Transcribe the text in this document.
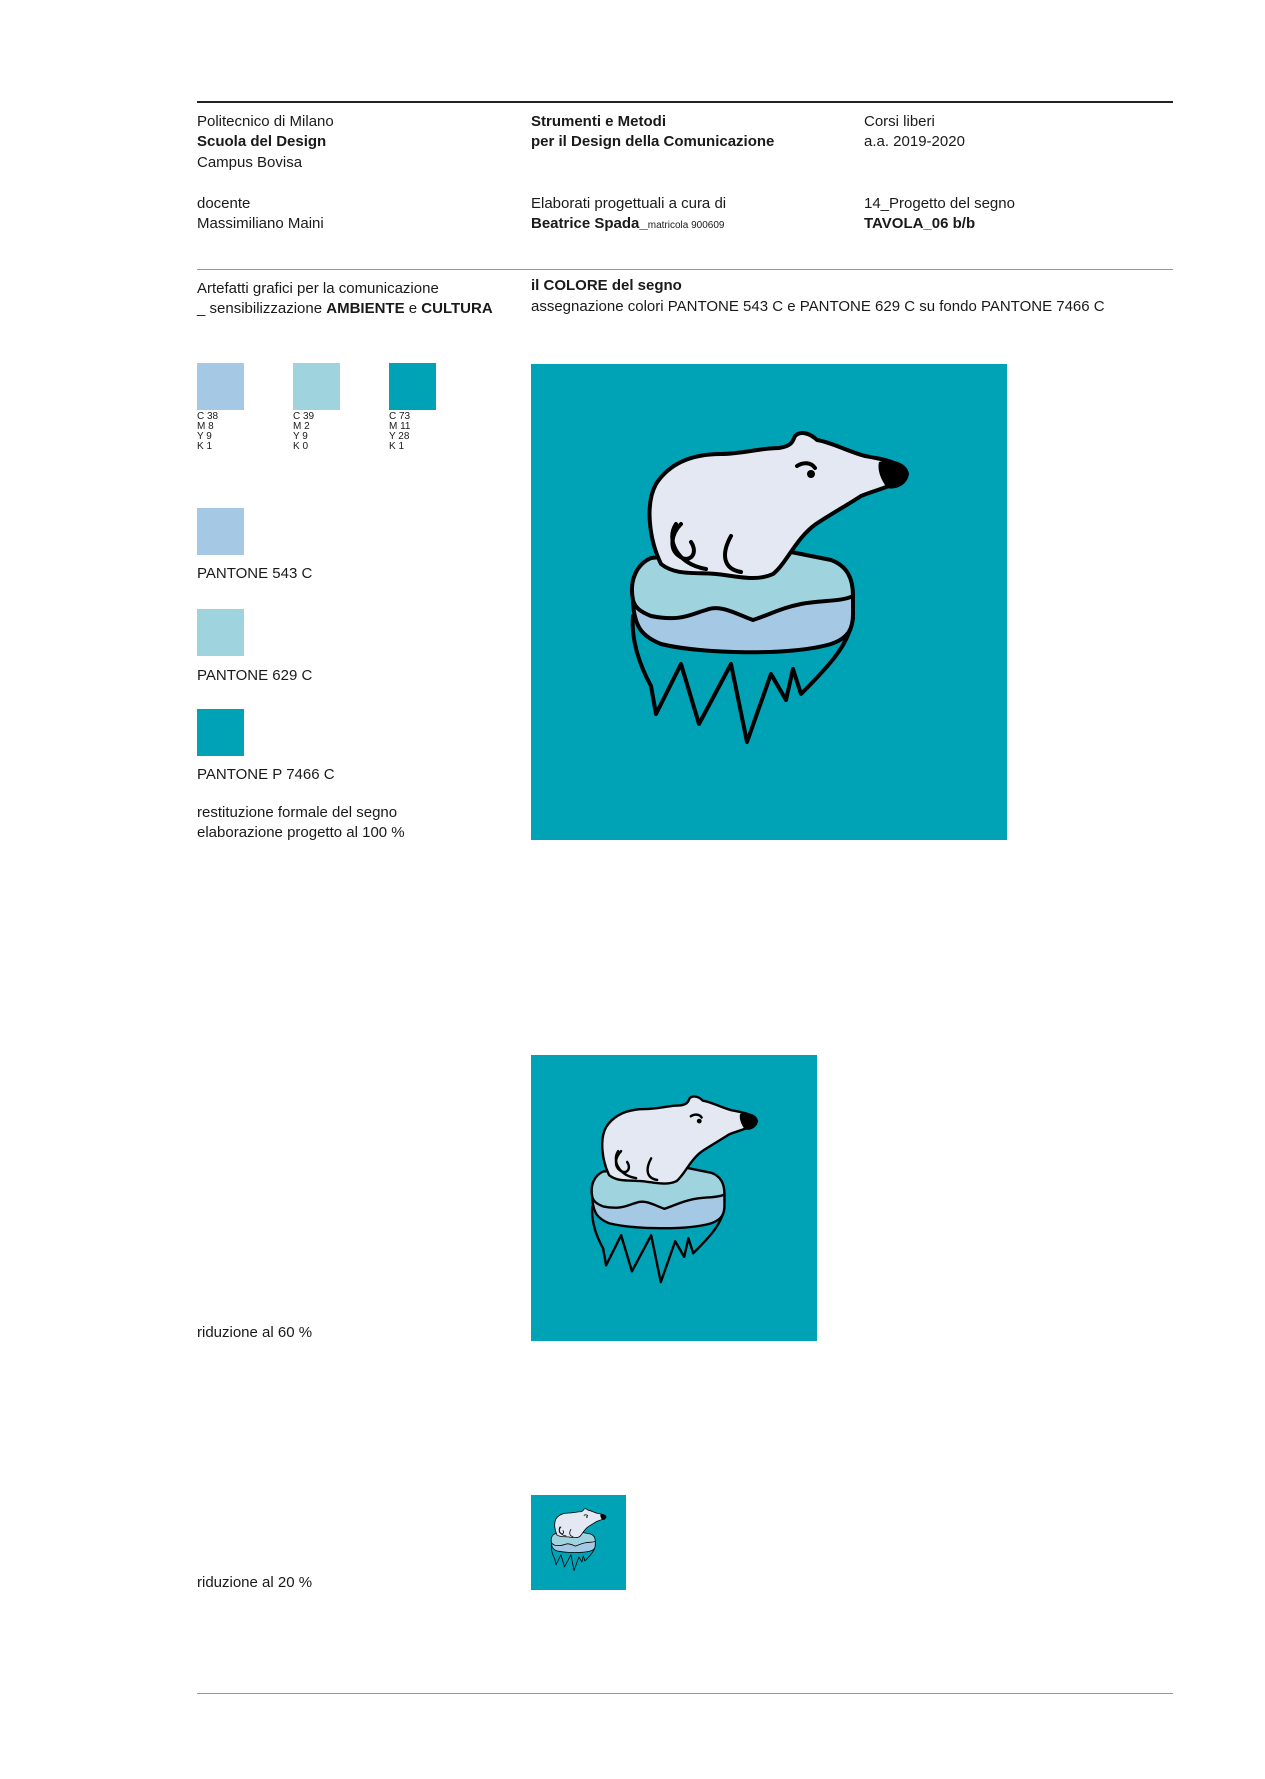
Politecnico di Milano
Scuola del Design
Campus Bovisa
Strumenti e Metodi
per il Design della Comunicazione
Corsi liberi
a.a. 2019-2020
docente
Massimiliano Maini
Elaborati progettuali a cura di
Beatrice Spada_matricola 900609
14_Progetto del segno
TAVOLA_06 b/b
Artefatti grafici per la comunicazione
_ sensibilizzazione AMBIENTE e CULTURA
il COLORE del segno
assegnazione colori PANTONE 543 C e PANTONE 629 C su fondo PANTONE 7466 C
C 38
M 8
Y 9
K 1
C 39
M 2
Y 9
K 0
C 73
M 11
Y 28
K 1
PANTONE 543 C
PANTONE 629 C
PANTONE P 7466 C
restituzione formale del segno
elaborazione progetto al 100 %
riduzione al 60 %
riduzione al 20 %
